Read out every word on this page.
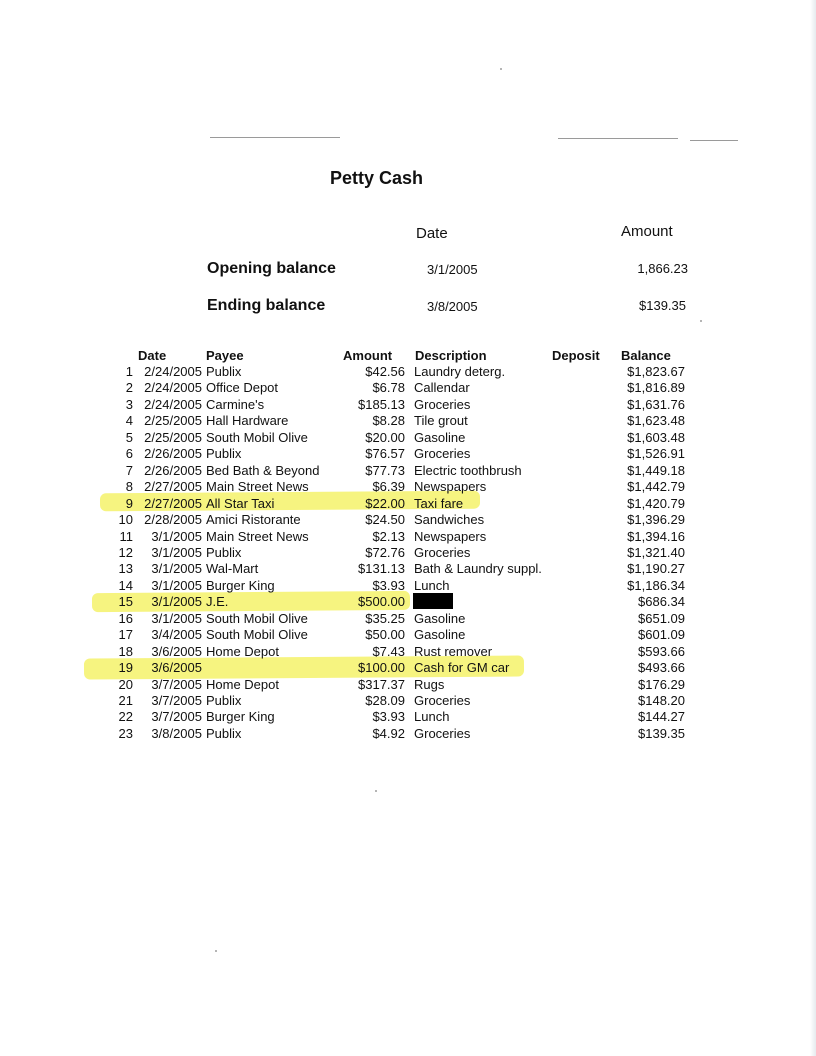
Petty Cash
Date	Amount
Opening balance	3/1/2005	1,866.23
Ending balance	3/8/2005	$139.35
Date	Payee	Amount Description	Deposit Balance
1 2/24/2005 Publix	$42.56 Laundry deterg.	$1,823.67
2 2/24/2005 Office Depot	$6.78 Callendar	$1,816.89
3 2/24/2005 Carmine's	$185.13 Groceries	$1,631.76
4 2/25/2005 Hall Hardware	$8.28 Tile grout	$1,623.48
5 2/25/2005 South Mobil Olive	$20.00 Gasoline	$1,603.48
6 2/26/2005 Publix	$76.57 Groceries	$1,526.91
7 2/26/2005 Bed Bath & Beyond	$77.73 Electric toothbrush	$1,449.18
8 2/27/2005 Main Street News	$6.39 Newspapers	$1,442.79
9 2/27/2005 All Star Taxi	$22.00 Taxi fare	$1,420.79
10 2/28/2005 Amici Ristorante	$24.50 Sandwiches	$1,396.29
11	3/1/2005 Main Street News	$2.13 Newspapers	$1,394.16
12	3/1/2005 Publix	$72.76 Groceries	$1,321.40
13	3/1/2005 Wal-Mart	$131.13 Bath & Laundry suppl.	$1,190.27
14	3/1/2005 Burger King	$3.93 Lunch	$1,186.34
15	3/1/2005 J.E.	$500.00	$686.34
16	3/1/2005 South Mobil Olive	$35.25 Gasoline	$651.09
17	3/4/2005 South Mobil Olive	$50.00 Gasoline	$601.09
18	3/6/2005 Home Depot	$7.43 Rust remover	$593.66
19	3/6/2005	$100.00 Cash for GM car	$493.66
20	3/7/2005 Home Depot	$317.37 Rugs	$176.29
21	3/7/2005 Publix	$28.09 Groceries	$148.20
22	3/7/2005 Burger King	$3.93 Lunch	$144.27
23	3/8/2005 Publix	$4.92 Groceries	$139.35
